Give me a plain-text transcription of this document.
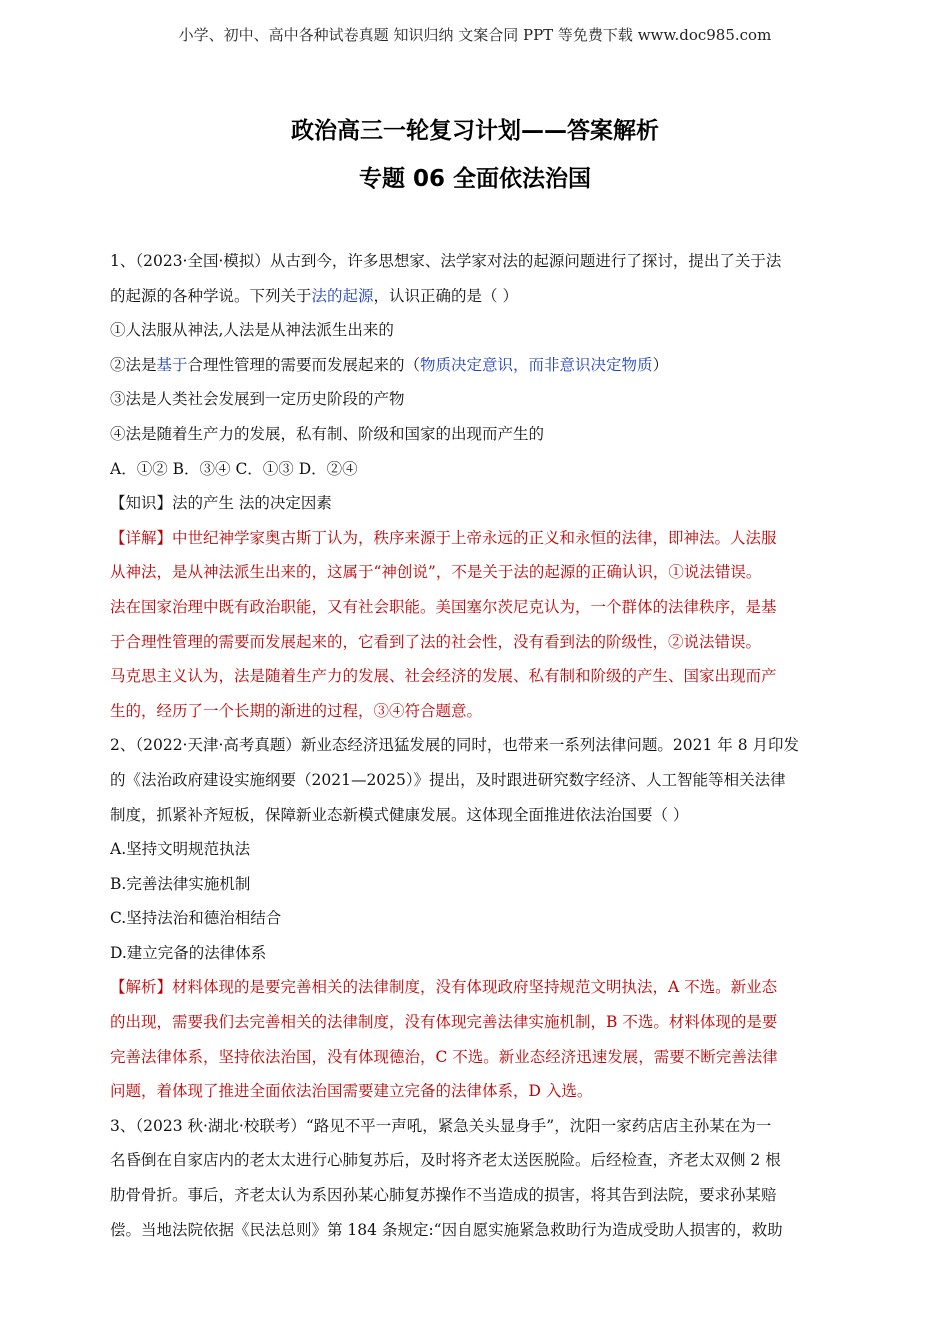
小学、初中、高中各种试卷真题 知识归纳 文案合同 PPT 等免费下载 www.doc985.com
政治高三一轮复习计划——答案解析
专题 06 全面依法治国
1、（2023·全国·模拟）从古到今，许多思想家、法学家对法的起源问题进行了探讨，提出了关于法
的起源的各种学说。下列关于法的起源，认识正确的是（ ）
①人法服从神法,人法是从神法派生出来的
②法是基于合理性管理的需要而发展起来的（物质决定意识，而非意识决定物质）
③法是人类社会发展到一定历史阶段的产物
④法是随着生产力的发展，私有制、阶级和国家的出现而产生的
A．①② B．③④ C．①③ D．②④
【知识】法的产生 法的决定因素
【详解】中世纪神学家奥古斯丁认为，秩序来源于上帝永远的正义和永恒的法律，即神法。人法服
从神法，是从神法派生出来的，这属于“神创说”，不是关于法的起源的正确认识，①说法错误。
法在国家治理中既有政治职能，又有社会职能。美国塞尔茨尼克认为，一个群体的法律秩序，是基
于合理性管理的需要而发展起来的，它看到了法的社会性，没有看到法的阶级性，②说法错误。
马克思主义认为，法是随着生产力的发展、社会经济的发展、私有制和阶级的产生、国家出现而产
生的，经历了一个长期的渐进的过程，③④符合题意。
2、（2022·天津·高考真题）新业态经济迅猛发展的同时，也带来一系列法律问题。2021 年 8 月印发
的《法治政府建设实施纲要（2021—2025）》提出，及时跟进研究数字经济、人工智能等相关法律
制度，抓紧补齐短板，保障新业态新模式健康发展。这体现全面推进依法治国要（ ）
A.坚持文明规范执法
B.完善法律实施机制
C.坚持法治和德治相结合
D.建立完备的法律体系
【解析】材料体现的是要完善相关的法律制度，没有体现政府坚持规范文明执法，A 不选。新业态
的出现，需要我们去完善相关的法律制度，没有体现完善法律实施机制，B 不选。材料体现的是要
完善法律体系，坚持依法治国，没有体现德治，C 不选。新业态经济迅速发展，需要不断完善法律
问题，着体现了推进全面依法治国需要建立完备的法律体系，D 入选。
3、（2023 秋·湖北·校联考）“路见不平一声吼，紧急关头显身手”，沈阳一家药店店主孙某在为一
名昏倒在自家店内的老太太进行心肺复苏后，及时将齐老太送医脱险。后经检查，齐老太双侧 2 根
肋骨骨折。事后，齐老太认为系因孙某心肺复苏操作不当造成的损害，将其告到法院，要求孙某赔
偿。当地法院依据《民法总则》第 184 条规定:“因自愿实施紧急救助行为造成受助人损害的，救助
